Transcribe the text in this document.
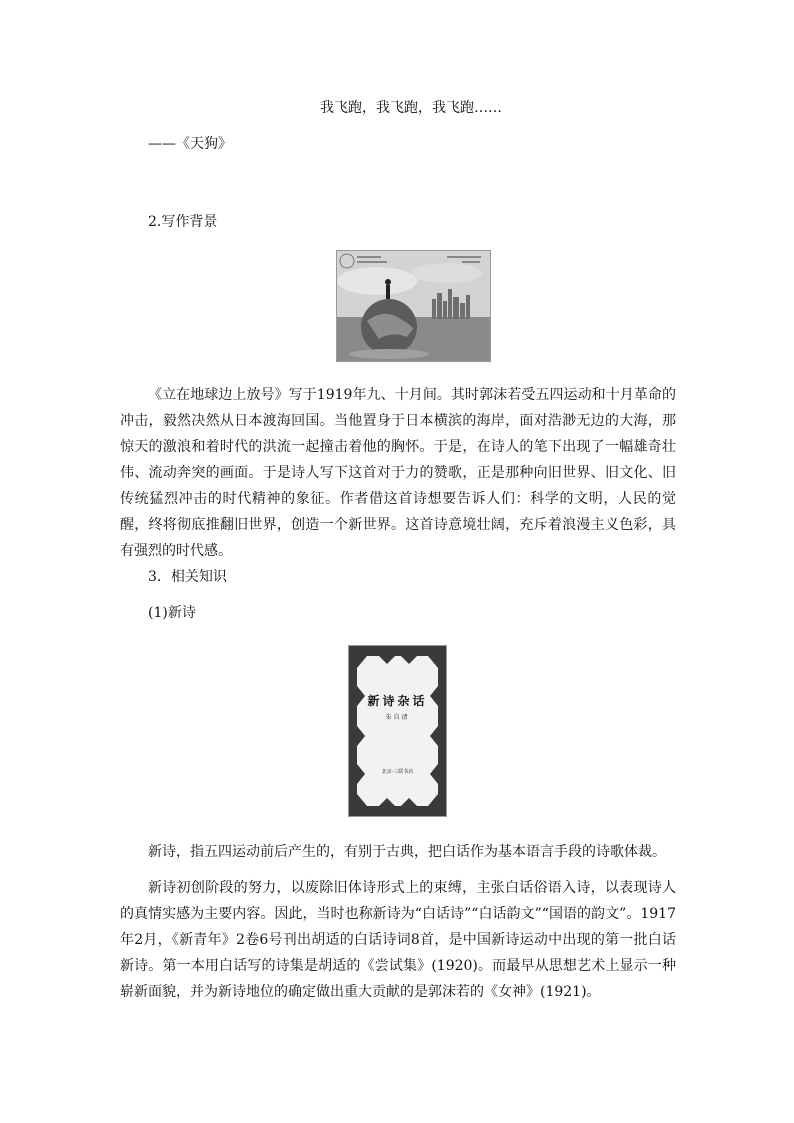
我飞跑，我飞跑，我飞跑……
——《天狗》
2.写作背景
《立在地球边上放号》写于1919年九、十月间。其时郭沫若受五四运动和十月革命的冲击，毅然决然从日本渡海回国。当他置身于日本横滨的海岸，面对浩渺无边的大海，那惊天的激浪和着时代的洪流一起撞击着他的胸怀。于是，在诗人的笔下出现了一幅雄奇壮伟、流动奔突的画面。于是诗人写下这首对于力的赞歌，正是那种向旧世界、旧文化、旧传统猛烈冲击的时代精神的象征。作者借这首诗想要告诉人们：科学的文明，人民的觉醒，终将彻底推翻旧世界，创造一个新世界。这首诗意境壮阔，充斥着浪漫主义色彩，具有强烈的时代感。
3．相关知识
(1)新诗
新诗杂话
朱自清
北京·三联书店
新诗，指五四运动前后产生的，有别于古典，把白话作为基本语言手段的诗歌体裁。
新诗初创阶段的努力，以废除旧体诗形式上的束缚，主张白话俗语入诗，以表现诗人的真情实感为主要内容。因此，当时也称新诗为“白话诗”“白话韵文”“国语的韵文”。1917年2月，《新青年》2卷6号刊出胡适的白话诗词8首，是中国新诗运动中出现的第一批白话新诗。第一本用白话写的诗集是胡适的《尝试集》(1920)。而最早从思想艺术上显示一种崭新面貌，并为新诗地位的确定做出重大贡献的是郭沫若的《女神》(1921)。
